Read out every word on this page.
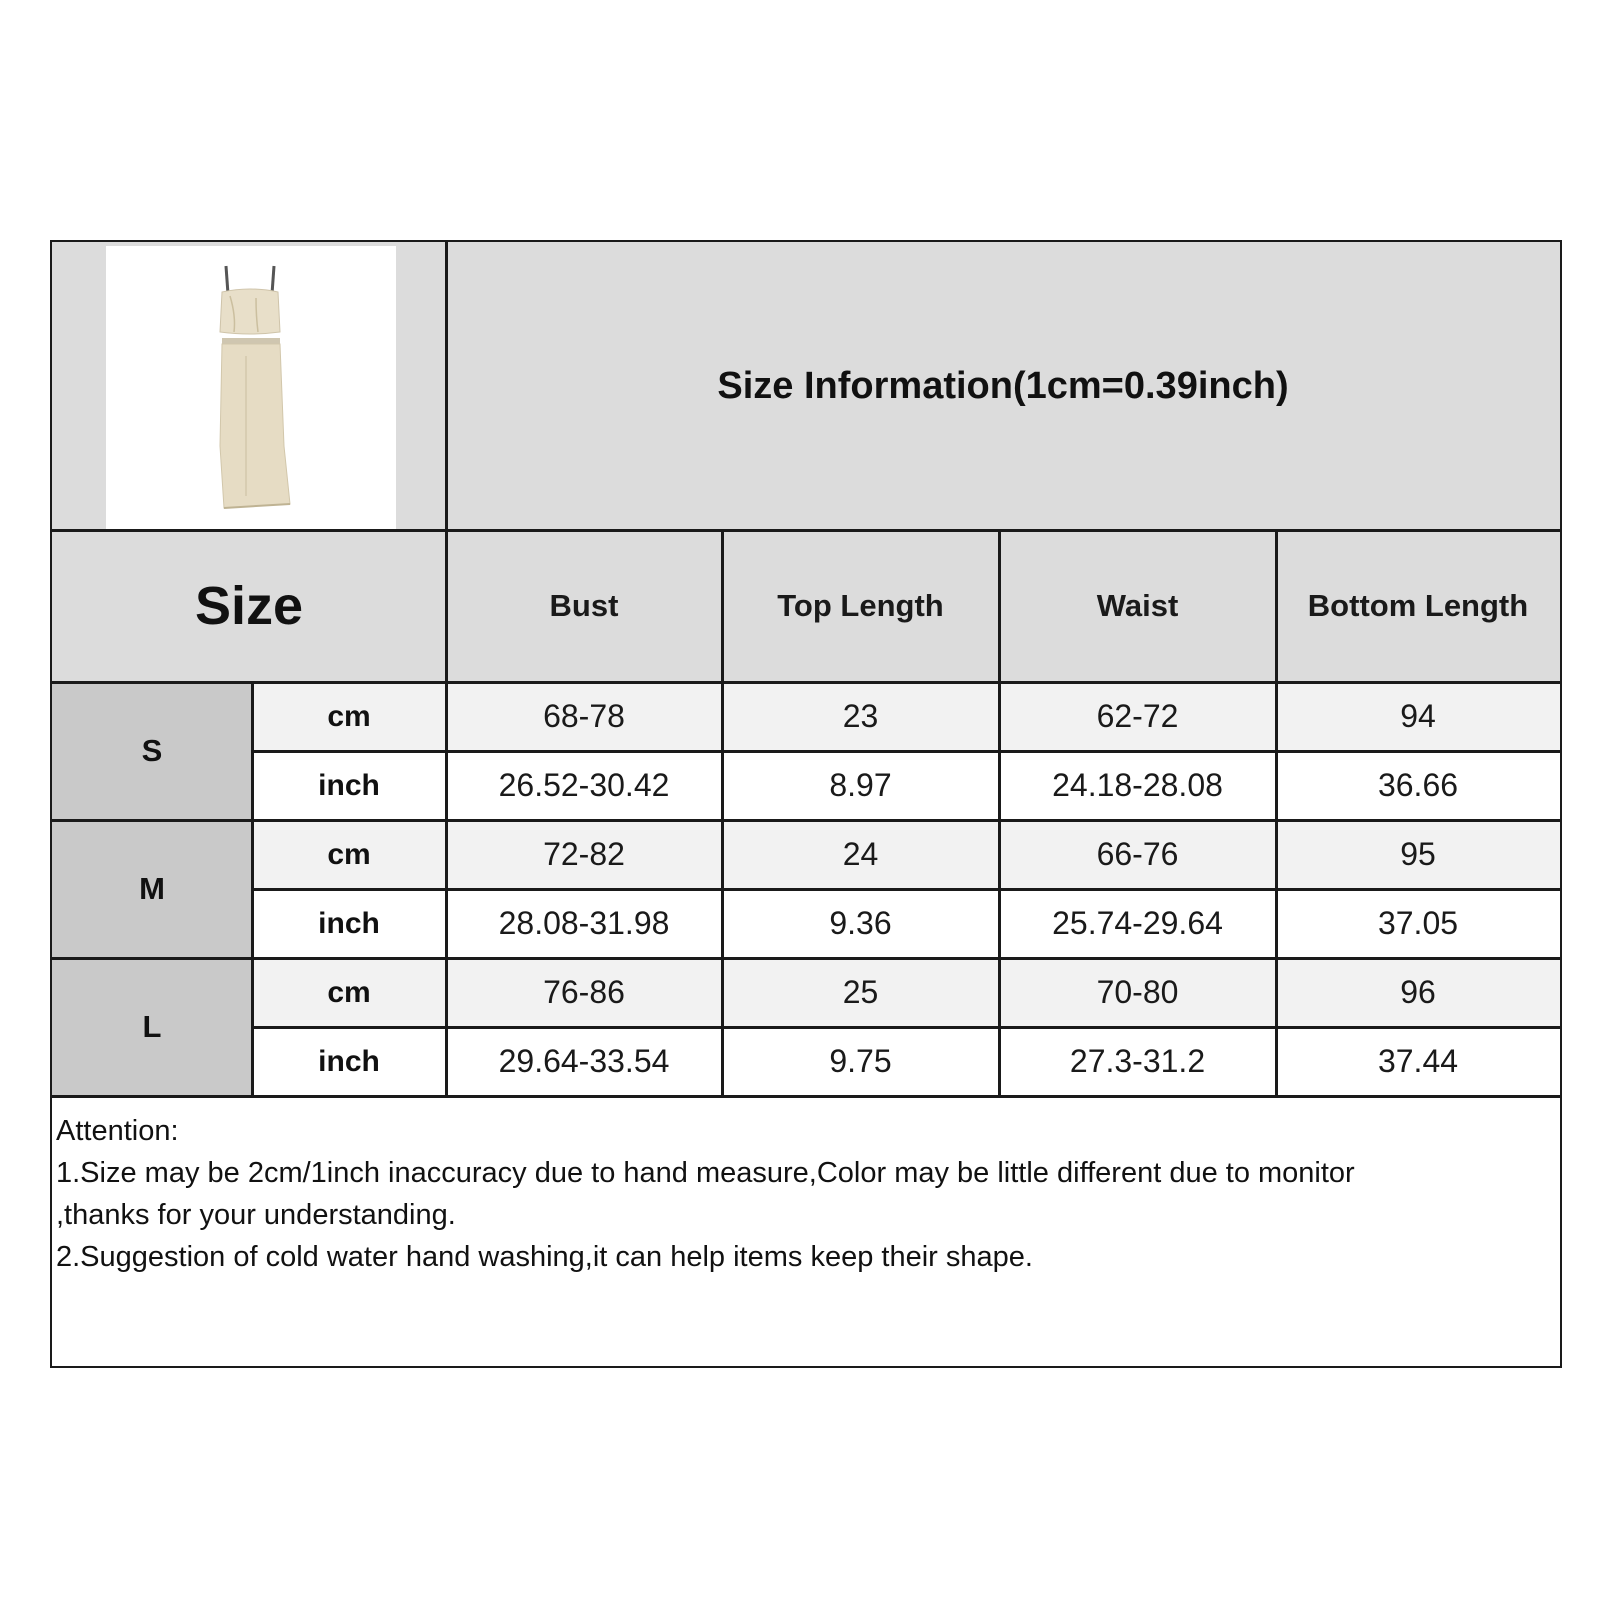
Size Information(1cm=0.39inch)
Size	Bust	Top Length	Waist	Bottom Length
S
cm	68-78	23	62-72	94
inch	26.52-30.42	8.97	24.18-28.08	36.66
M
cm	72-82	24	66-76	95
inch	28.08-31.98	9.36	25.74-29.64	37.05
L
cm	76-86	25	70-80	96
inch	29.64-33.54	9.75	27.3-31.2	37.44
Attention:
1.Size may be 2cm/1inch inaccuracy due to hand measure,Color may be little different due to monitor
,thanks for your understanding.
2.Suggestion of cold water hand washing,it can help items keep their shape.
